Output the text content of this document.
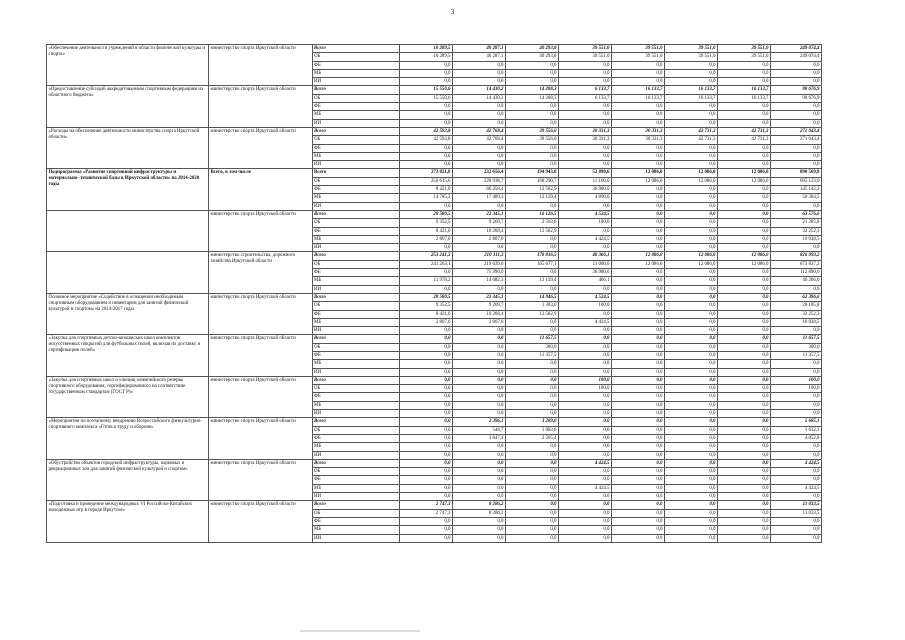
3
«Обеспечение деятельности учреждений в области физической культуры и спорта»	министерство спорта Иркутской области	Всего	10 289,5	40 287,1	40 293,8	39 551,0	39 551,0	39 551,0	39 551,0	249 074,4
		ОБ	10 289,5	40 287,1	40 293,8	39 551,0	39 551,0	39 551,0	39 551,0	249 074,4
		ФБ	0,0	0,0	0,0	0,0	0,0	0,0	0,0	0,0
		МБ	0,0	0,0	0,0	0,0	0,0	0,0	0,0	0,0
		ИИ	0,0	0,0	0,0	0,0	0,0	0,0	0,0	0,0
«Предоставление субсидий аккредитованным спортивным федерациям из областного бюджета»	министерство спорта Иркутской области	Всего	15 550,6	14 430,2	14 208,3	6 133,7	16 133,7	16 133,7	16 133,7	98 676,9
		ОБ	15 550,6	14 430,2	14 208,3	6 133,7	16 133,7	16 133,7	16 133,7	98 676,9
		ФБ	0,0	0,0	0,0	0,0	0,0	0,0	0,0	0,0
		МБ	0,0	0,0	0,0	0,0	0,0	0,0	0,0	0,0
		ИИ	0,0	0,0	0,0	0,0	0,0	0,0	0,0	0,0
«Расходы на обеспечение деятельности министерства спорта Иркутской области»	министерство спорта Иркутской области	Всего	42 593,8	42 768,4	39 556,0	30 331,3	30 331,3	42 731,3	42 731,3	271 043,4
		ОБ	42 593,8	42 768,4	39 556,0	30 331,3	30 331,3	42 731,3	42 731,3	271 043,4
		ФБ	0,0	0,0	0,0	0,0	0,0	0,0	0,0	0,0
		МБ	0,0	0,0	0,0	0,0	0,0	0,0	0,0	0,0
		ИИ	0,0	0,0	0,0	0,0	0,0	0,0	0,0	0,0
Подпрограмма «Развитие спортивной инфраструктуры и материально- технической базы в Иркутской области» на 2014-2020 годы	Всего, в том числе	Всего	273 821,8	232 656,4	194 943,0	52 890,6	12 086,0	12 086,0	12 086,0	890 569,8
		ОБ	250 615,6	228 938,7	168 290,7	11 100,0	12 086,0	12 086,0	12 086,0	695 123,0
		ФБ	8 421,0	86 258,4	13 562,9	36 900,0	0,0	0,0	0,0	145 142,3
		МБ	14 785,2	17 489,3	13 139,4	4 890,6	0,0	0,0	0,0	50 304,5
		ИИ	0,0	0,0	0,0	0,0	0,0	0,0	0,0	0,0
	министерство спорта Иркутской области	Всего	20 580,5	22 345,1	16 126,5	4 524,5	0,0	0,0	0,0	63 576,6
		ОБ	9 352,5	9 269,7	2 563,6	100,0	0,0	0,0	0,0	21 285,8
		ФБ	8 421,0	10 268,4	13 562,9	0,0	0,0	0,0	0,0	32 252,3
		МБ	2 807,0	2 807,0	0,0	4 424,5	0,0	0,0	0,0	10 038,5
		ИИ	0,0	0,0	0,0	0,0	0,0	0,0	0,0	0,0
	министерство строительства, дорожного хозяйства Иркутской области	Всего	253 241,3	210 311,3	178 816,5	48 366,1	12 086,0	12 086,0	12 086,0	826 993,2
		ОБ	241 263,1	219 639,0	165 677,1	11 000,0	12 086,0	12 086,0	12 086,0	673 837,2
		ФБ	0,0	75 990,0	0,0	36 900,0	0,0	0,0	0,0	112 890,0
		МБ	11 978,2	14 682,3	13 139,4	466,1	0,0	0,0	0,0	40 266,0
		ИИ	0,0	0,0	0,0	0,0	0,0	0,0	0,0	0,0
Основное мероприятие «Содействие в оснащении необходимым спортивным оборудованием и инвентарем для занятий физической культурой и спортом» на 2014-2017 годы	министерство спорта Иркутской области	Всего	20 580,5	22 345,1	14 946,5	4 524,5	0,0	0,0	0,0	62 396,6
		ОБ	9 352,5	9 269,7	1 383,6	100,0	0,0	0,0	0,0	20 105,8
		ФБ	8 421,0	10 268,4	13 562,9	0,0	0,0	0,0	0,0	32 252,3
		МБ	2 807,0	2 807,0	0,0	4 424,5	0,0	0,0	0,0	10 038,5
		ИИ	0,0	0,0	0,0	0,0	0,0	0,0	0,0	0,0
«Закупка для спортивных детско-юношеских школ комплектов искусственных покрытий для футбольных полей, включая их доставку и сертификацию полей»	министерство спорта Иркутской области	Всего	0,0	0,0	11 657,5	0,0	0,0	0,0	0,0	11 657,5
		ОБ	0,0	0,0	300,0	0,0	0,0	0,0	0,0	300,0
		ФБ	0,0	0,0	11 357,5	0,0	0,0	0,0	0,0	11 357,5
		МБ	0,0	0,0	0,0	0,0	0,0	0,0	0,0	0,0
		ИИ	0,0	0,0	0,0	0,0	0,0	0,0	0,0	0,0
«Закупка для спортивных школ и училищ олимпийского резерва спортивного оборудования, сертифицированного на соответствие государственным стандартам (ГОСТ Р)»	министерство спорта Иркутской области	Всего	0,0	0,0	0,0	100,0	0,0	0,0	0,0	100,0
		ОБ	0,0	0,0	0,0	100,0	0,0	0,0	0,0	100,0
		ФБ	0,0	0,0	0,0	0,0	0,0	0,0	0,0	0,0
		МБ	0,0	0,0	0,0	0,0	0,0	0,0	0,0	0,0
		ИИ	0,0	0,0	0,0	0,0	0,0	0,0	0,0	0,0
«Мероприятия по поэтапному внедрению Всероссийского физкультурно-спортивного комплекса «Готов к труду и обороне»	министерство спорта Иркутской области	Всего	0,0	2 396,1	3 289,0	0,0	0,0	0,0	0,0	5 685,1
		ОБ	0,0	548,7	1 083,6	0,0	0,0	0,0	0,0	1 632,3
		ФБ	0,0	1 847,4	2 205,4	0,0	0,0	0,0	0,0	4 052,8
		МБ	0,0	0,0	0,0	0,0	0,0	0,0	0,0	0,0
		ИИ	0,0	0,0	0,0	0,0	0,0	0,0	0,0	0,0
«Обустройство объектов городской инфраструктуры, парковых и рекреационных зон для занятий физической культурой и спортом»	министерство спорта Иркутской области	Всего	0,0	0,0	0,0	4 424,5	0,0	0,0	0,0	4 424,5
		ОБ	0,0	0,0	0,0	0,0	0,0	0,0	0,0	0,0
		ФБ	0,0	0,0	0,0	0,0	0,0	0,0	0,0	0,0
		МБ	0,0	0,0	0,0	4 424,5	0,0	0,0	0,0	4 424,5
		ИИ	0,0	0,0	0,0	0,0	0,0	0,0	0,0	0,0
«Подготовка и проведение международных VI Российско-Китайских молодежных игр в городе Иркутске»	министерство спорта Иркутской области	Всего	2 747,3	8 286,2	0,0	0,0	0,0	0,0	0,0	11 033,5
		ОБ	2 747,3	8 286,2	0,0	0,0	0,0	0,0	0,0	11 033,5
		ФБ	0,0	0,0	0,0	0,0	0,0	0,0	0,0	0,0
		МБ	0,0	0,0	0,0	0,0	0,0	0,0	0,0	0,0
		ИИ	0,0	0,0	0,0	0,0	0,0	0,0	0,0	0,0
